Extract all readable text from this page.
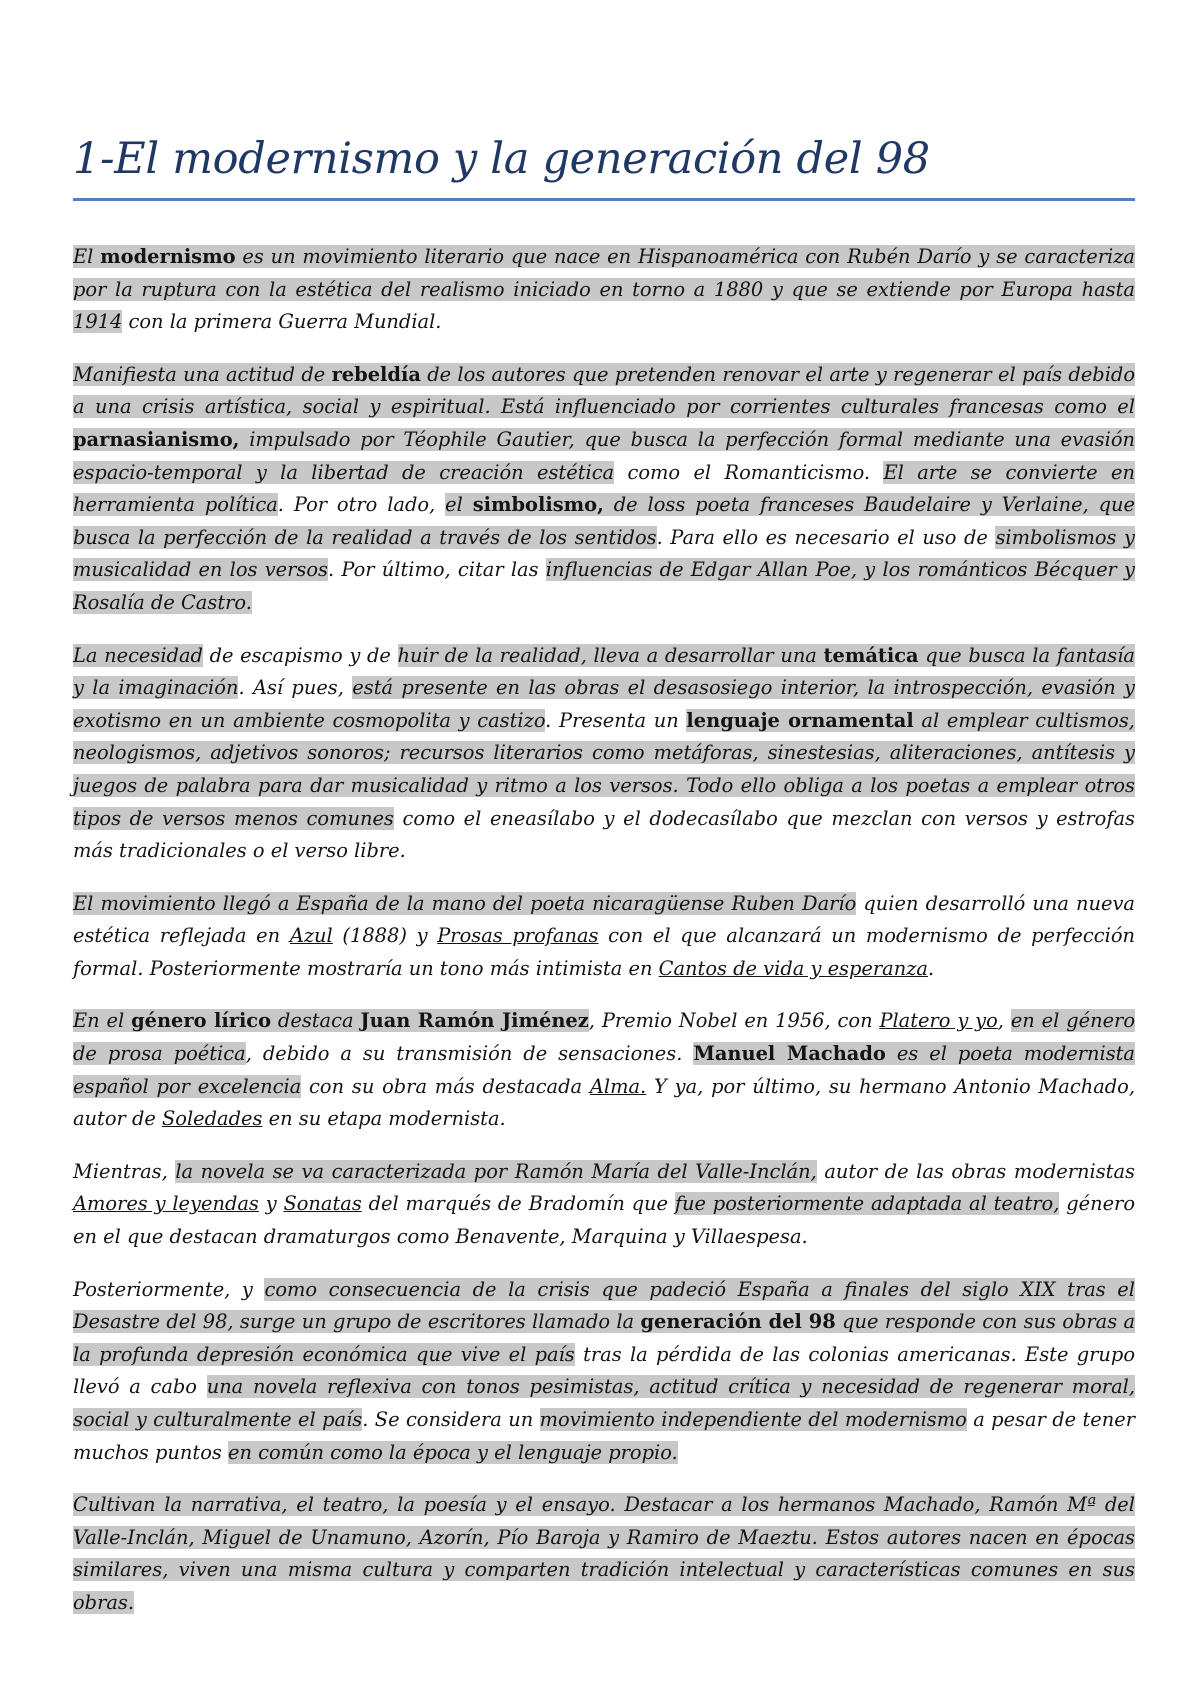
1-El modernismo y la generación del 98

El modernismo es un movimiento literario que nace en Hispanoamérica con Rubén Darío y se caracteriza por la ruptura con la estética del realismo iniciado en torno a 1880 y que se extiende por Europa hasta 1914 con la primera Guerra Mundial.

Manifiesta una actitud de rebeldía de los autores que pretenden renovar el arte y regenerar el país debido a una crisis artística, social y espiritual. Está influenciado por corrientes culturales francesas como el parnasianismo, impulsado por Téophile Gautier, que busca la perfección formal mediante una evasión espacio-temporal y la libertad de creación estética como el Romanticismo. El arte se convierte en herramienta política. Por otro lado, el simbolismo, de loss poeta franceses Baudelaire y Verlaine, que busca la perfección de la realidad a través de los sentidos. Para ello es necesario el uso de simbolismos y musicalidad en los versos. Por último, citar las influencias de Edgar Allan Poe, y los románticos Bécquer y Rosalía de Castro.

La necesidad de escapismo y de huir de la realidad, lleva a desarrollar una temática que busca la fantasía y la imaginación. Así pues, está presente en las obras el desasosiego interior, la introspección, evasión y exotismo en un ambiente cosmopolita y castizo. Presenta un lenguaje ornamental al emplear cultismos, neologismos, adjetivos sonoros; recursos literarios como metáforas, sinestesias, aliteraciones, antítesis y juegos de palabra para dar musicalidad y ritmo a los versos. Todo ello obliga a los poetas a emplear otros tipos de versos menos comunes como el eneasílabo y el dodecasílabo que mezclan con versos y estrofas más tradicionales o el verso libre.

El movimiento llegó a España de la mano del poeta nicaragüense Ruben Darío quien desarrolló una nueva estética reflejada en Azul (1888) y Prosas profanas con el que alcanzará un modernismo de perfección formal. Posteriormente mostraría un tono más intimista en Cantos de vida y esperanza.

En el género lírico destaca Juan Ramón Jiménez, Premio Nobel en 1956, con Platero y yo, en el género de prosa poética, debido a su transmisión de sensaciones. Manuel Machado es el poeta modernista español por excelencia con su obra más destacada Alma. Y ya, por último, su hermano Antonio Machado, autor de Soledades en su etapa modernista.

Mientras, la novela se va caracterizada por Ramón María del Valle-Inclán, autor de las obras modernistas Amores y leyendas y Sonatas del marqués de Bradomín que fue posteriormente adaptada al teatro, género en el que destacan dramaturgos como Benavente, Marquina y Villaespesa.

Posteriormente, y como consecuencia de la crisis que padeció España a finales del siglo XIX tras el Desastre del 98, surge un grupo de escritores llamado la generación del 98 que responde con sus obras a la profunda depresión económica que vive el país tras la pérdida de las colonias americanas. Este grupo llevó a cabo una novela reflexiva con tonos pesimistas, actitud crítica y necesidad de regenerar moral, social y culturalmente el país. Se considera un movimiento independiente del modernismo a pesar de tener muchos puntos en común como la época y el lenguaje propio.

Cultivan la narrativa, el teatro, la poesía y el ensayo. Destacar a los hermanos Machado, Ramón Mª del Valle-Inclán, Miguel de Unamuno, Azorín, Pío Baroja y Ramiro de Maeztu. Estos autores nacen en épocas similares, viven una misma cultura y comparten tradición intelectual y características comunes en sus obras.
